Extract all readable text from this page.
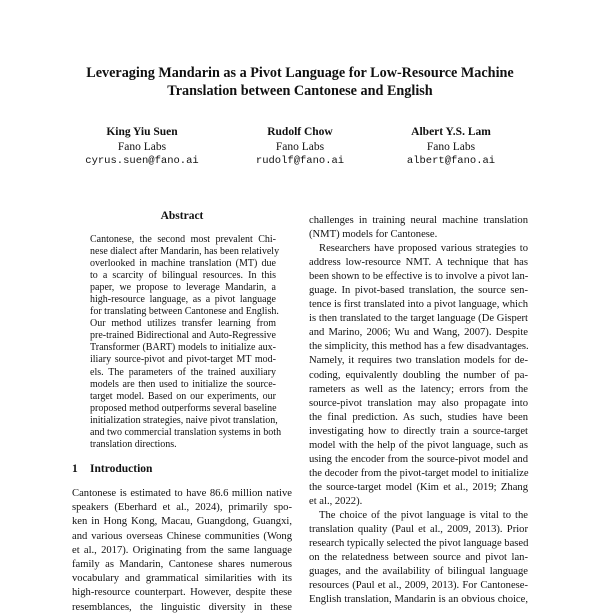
Leveraging Mandarin as a Pivot Language for Low-Resource Machine
Translation between Cantonese and English
King Yiu Suen
Fano Labs
cyrus.suen@fano.ai
Rudolf Chow
Fano Labs
rudolf@fano.ai
Albert Y.S. Lam
Fano Labs
albert@fano.ai
Abstract
Cantonese, the second most prevalent Chi-
nese dialect after Mandarin, has been relatively
overlooked in machine translation (MT) due
to a scarcity of bilingual resources. In this
paper, we propose to leverage Mandarin, a
high-resource language, as a pivot language
for translating between Cantonese and English.
Our method utilizes transfer learning from
pre-trained Bidirectional and Auto-Regressive
Transformer (BART) models to initialize aux-
iliary source-pivot and pivot-target MT mod-
els. The parameters of the trained auxiliary
models are then used to initialize the source-
target model. Based on our experiments, our
proposed method outperforms several baseline
initialization strategies, naive pivot translation,
and two commercial translation systems in both
translation directions.
1 Introduction
Cantonese is estimated to have 86.6 million native
speakers (Eberhard et al., 2024), primarily spo-
ken in Hong Kong, Macau, Guangdong, Guangxi,
and various overseas Chinese communities (Wong
et al., 2017). Originating from the same language
family as Mandarin, Cantonese shares numerous
vocabulary and grammatical similarities with its
high-resource counterpart. However, despite these
resemblances, the linguistic diversity in these
challenges in training neural machine translation
(NMT) models for Cantonese.
Researchers have proposed various strategies to
address low-resource NMT. A technique that has
been shown to be effective is to involve a pivot lan-
guage. In pivot-based translation, the source sen-
tence is first translated into a pivot language, which
is then translated to the target language (De Gispert
and Marino, 2006; Wu and Wang, 2007). Despite
the simplicity, this method has a few disadvantages.
Namely, it requires two translation models for de-
coding, equivalently doubling the number of pa-
rameters as well as the latency; errors from the
source-pivot translation may also propagate into
the final prediction. As such, studies have been
investigating how to directly train a source-target
model with the help of the pivot language, such as
using the encoder from the source-pivot model and
the decoder from the pivot-target model to initialize
the source-target model (Kim et al., 2019; Zhang
et al., 2022).
The choice of the pivot language is vital to the
translation quality (Paul et al., 2009, 2013). Prior
research typically selected the pivot language based
on the relatedness between source and pivot lan-
guages, and the availability of bilingual language
resources (Paul et al., 2009, 2013). For Cantonese-
English translation, Mandarin is an obvious choice,
